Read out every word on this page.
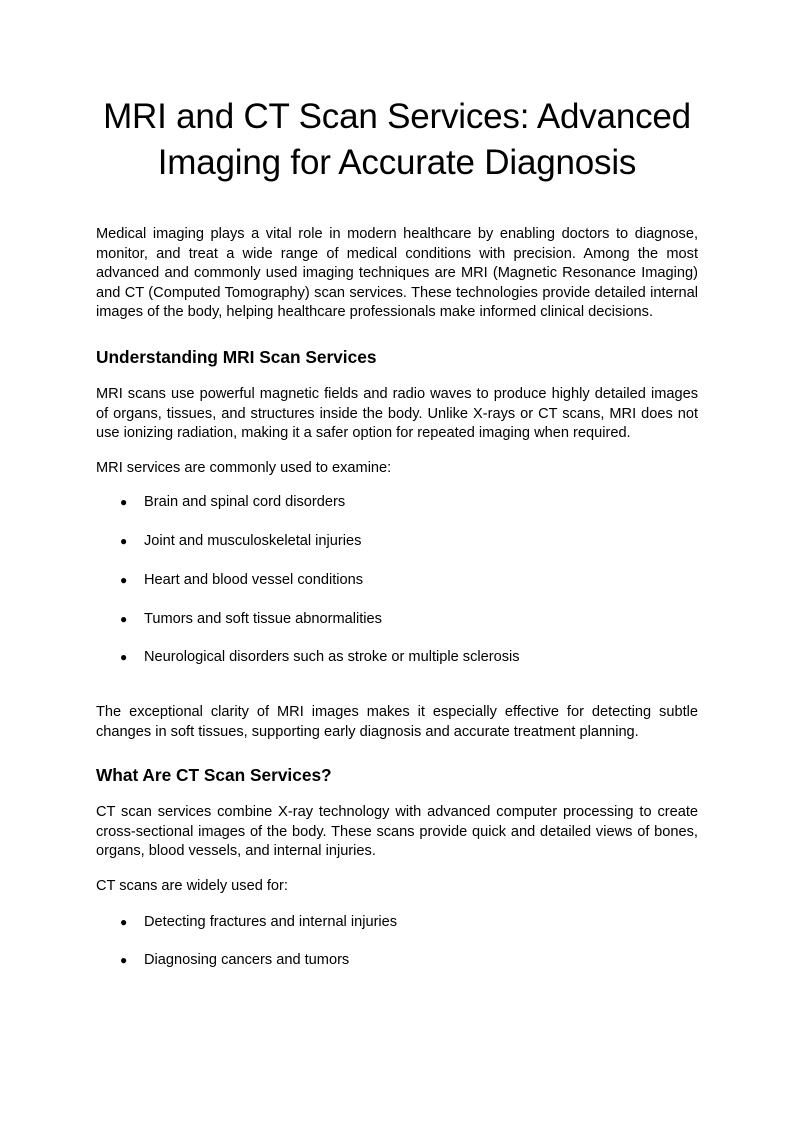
MRI and CT Scan Services: Advanced Imaging for Accurate Diagnosis

Medical imaging plays a vital role in modern healthcare by enabling doctors to diagnose, monitor, and treat a wide range of medical conditions with precision. Among the most advanced and commonly used imaging techniques are MRI (Magnetic Resonance Imaging) and CT (Computed Tomography) scan services. These technologies provide detailed internal images of the body, helping healthcare professionals make informed clinical decisions.

Understanding MRI Scan Services

MRI scans use powerful magnetic fields and radio waves to produce highly detailed images of organs, tissues, and structures inside the body. Unlike X-rays or CT scans, MRI does not use ionizing radiation, making it a safer option for repeated imaging when required.

MRI services are commonly used to examine:

● Brain and spinal cord disorders
● Joint and musculoskeletal injuries
● Heart and blood vessel conditions
● Tumors and soft tissue abnormalities
● Neurological disorders such as stroke or multiple sclerosis

The exceptional clarity of MRI images makes it especially effective for detecting subtle changes in soft tissues, supporting early diagnosis and accurate treatment planning.

What Are CT Scan Services?

CT scan services combine X-ray technology with advanced computer processing to create cross-sectional images of the body. These scans provide quick and detailed views of bones, organs, blood vessels, and internal injuries.

CT scans are widely used for:

● Detecting fractures and internal injuries
● Diagnosing cancers and tumors
